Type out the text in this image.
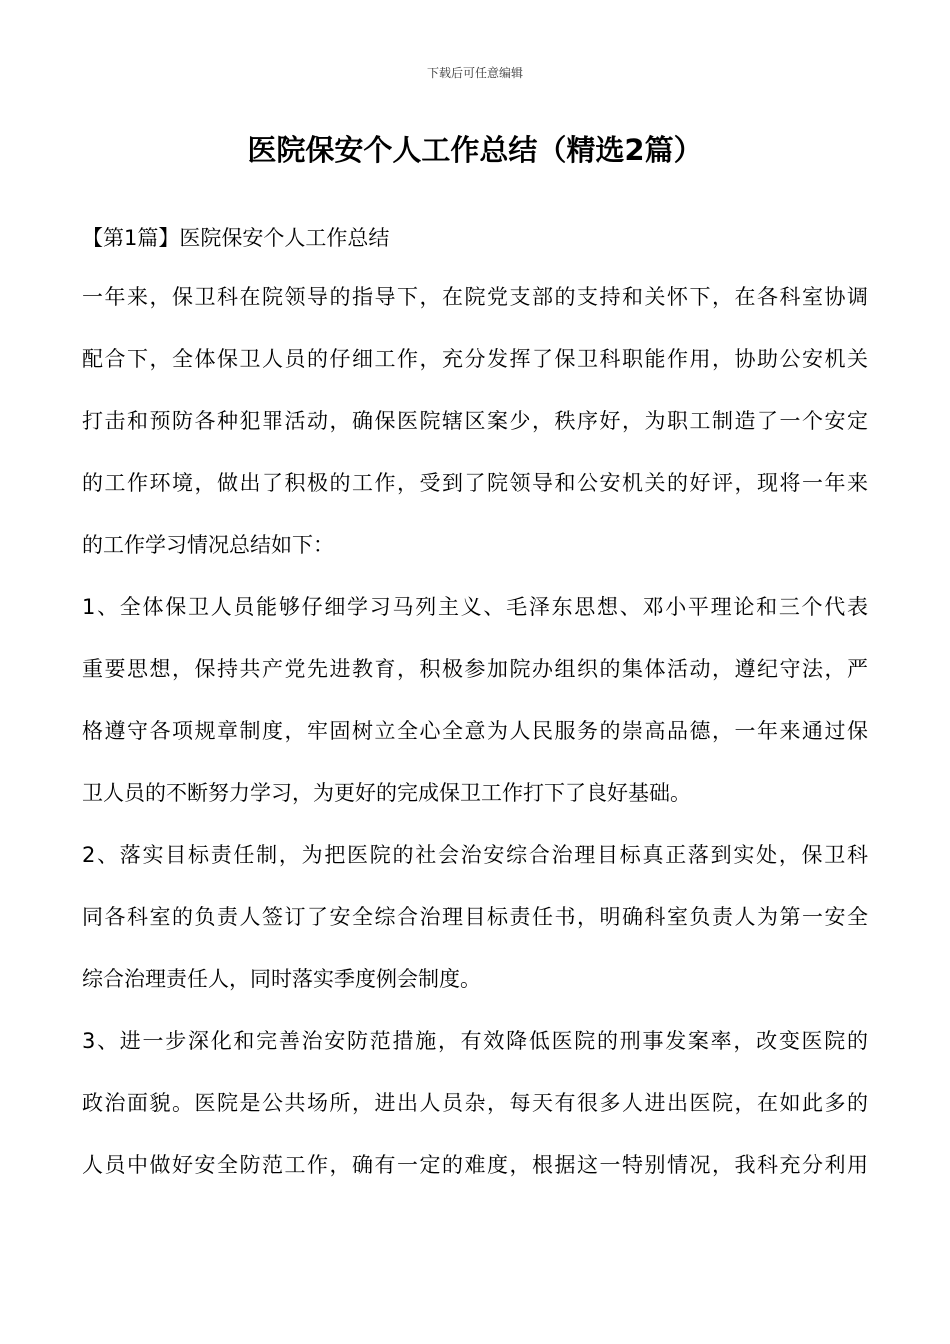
下载后可任意编辑
医院保安个人工作总结（精选2篇）
【第1篇】医院保安个人工作总结
一年来，保卫科在院领导的指导下，在院党支部的支持和关怀下，在各科室协调
配合下，全体保卫人员的仔细工作，充分发挥了保卫科职能作用，协助公安机关
打击和预防各种犯罪活动，确保医院辖区案少，秩序好，为职工制造了一个安定
的工作环境，做出了积极的工作，受到了院领导和公安机关的好评，现将一年来
的工作学习情况总结如下：
1、全体保卫人员能够仔细学习马列主义、毛泽东思想、邓小平理论和三个代表
重要思想，保持共产党先进教育，积极参加院办组织的集体活动，遵纪守法，严
格遵守各项规章制度，牢固树立全心全意为人民服务的崇高品德，一年来通过保
卫人员的不断努力学习，为更好的完成保卫工作打下了良好基础。
2、落实目标责任制，为把医院的社会治安综合治理目标真正落到实处，保卫科
同各科室的负责人签订了安全综合治理目标责任书，明确科室负责人为第一安全
综合治理责任人，同时落实季度例会制度。
3、进一步深化和完善治安防范措施，有效降低医院的刑事发案率，改变医院的
政治面貌。医院是公共场所，进出人员杂，每天有很多人进出医院，在如此多的
人员中做好安全防范工作，确有一定的难度，根据这一特别情况，我科充分利用
